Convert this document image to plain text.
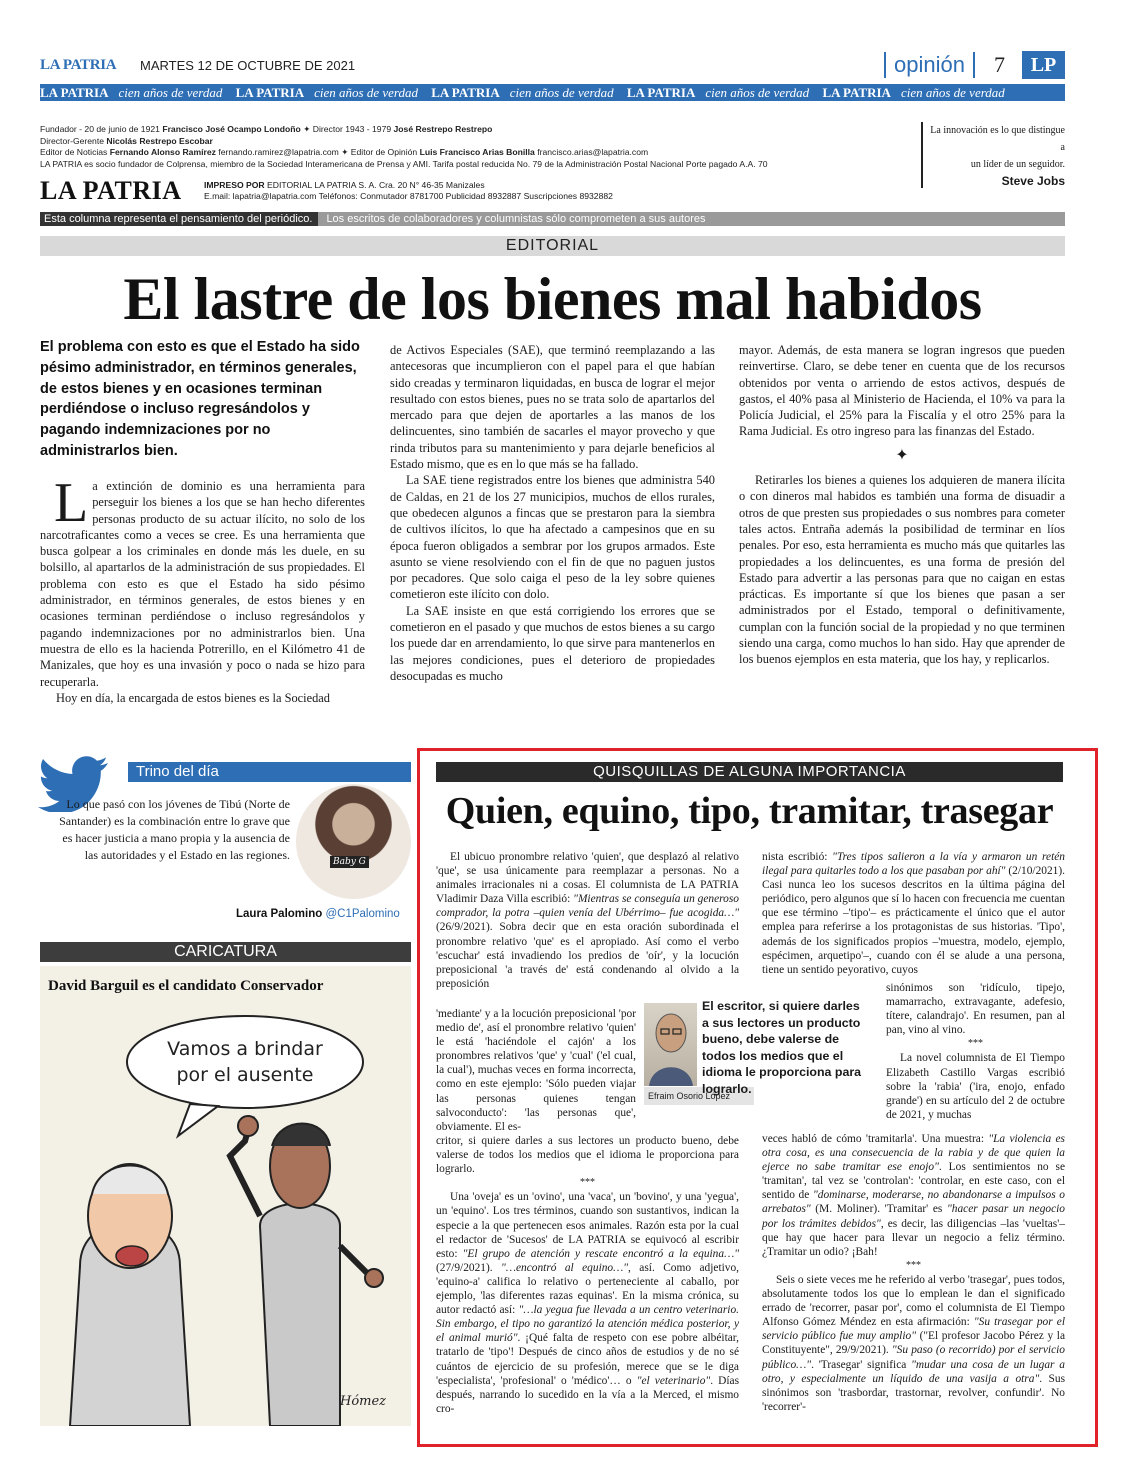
LA PATRIA MARTES 12 DE OCTUBRE DE 2021	opinión	7	LP
LA PATRIA cien años de verdad LA PATRIA cien años de verdad LA PATRIA cien años de verdad LA PATRIA cien años de verdad LA PATRIA cien años de verdad
Fundador - 20 de junio de 1921 Francisco José Ocampo Londoño ✦ Director 1943 - 1979 José Restrepo Restrepo
Director-Gerente Nicolás Restrepo Escobar
Editor de Noticias Fernando Alonso Ramírez fernando.ramirez@lapatria.com ✦ Editor de Opinión Luis Francisco Arias Bonilla francisco.arias@lapatria.com
LA PATRIA es socio fundador de Colprensa, miembro de la Sociedad Interamericana de Prensa y AMI. Tarifa postal reducida No. 79 de la Administración Postal Nacional Porte pagado A.A. 70
La innovación es lo que distingue a
un líder de un seguidor.
Steve Jobs
LA PATRIA	IMPRESO POR EDITORIAL LA PATRIA S. A. Cra. 20 N° 46-35 Manizales
E.mail: lapatria@lapatria.com Teléfonos: Conmutador 8781700 Publicidad 8932887 Suscripciones 8932882
Esta columna representa el pensamiento del periódico. Los escritos de colaboradores y columnistas sólo comprometen a sus autores
EDITORIAL
El lastre de los bienes mal habidos
El problema con esto es que el Estado ha sido pésimo administrador, en términos generales, de estos bienes y en ocasiones terminan perdiéndose o incluso regresándolos y pagando indemnizaciones por no administrarlos bien.

La extinción de dominio es una herramienta para perseguir los bienes a los que se han hecho diferentes personas producto de su actuar ilícito, no solo de los narcotraficantes como a veces se cree. Es una herramienta que busca golpear a los criminales en donde más les duele, en su bolsillo, al apartarlos de la administración de sus propiedades. El problema con esto es que el Estado ha sido pésimo administrador, en términos generales, de estos bienes y en ocasiones terminan perdiéndose o incluso regresándolos y pagando indemnizaciones por no administrarlos bien. Una muestra de ello es la hacienda Potrerillo, en el Kilómetro 41 de Manizales, que hoy es una invasión y poco o nada se hizo para recuperarla.

Hoy en día, la encargada de estos bienes es la Sociedad

de Activos Especiales (SAE), que terminó reemplazando a las antecesoras que incumplieron con el papel para el que habían sido creadas y terminaron liquidadas, en busca de lograr el mejor resultado con estos bienes, pues no se trata solo de apartarlos del mercado para que dejen de aportarles a las manos de los delincuentes, sino también de sacarles el mayor provecho y que rinda tributos para su mantenimiento y para dejarle beneficios al Estado mismo, que es en lo que más se ha fallado.

La SAE tiene registrados entre los bienes que administra 540 de Caldas, en 21 de los 27 municipios, muchos de ellos rurales, que obedecen algunos a fincas que se prestaron para la siembra de cultivos ilícitos, lo que ha afectado a campesinos que en su época fueron obligados a sembrar por los grupos armados. Este asunto se viene resolviendo con el fin de que no paguen justos por pecadores. Que solo caiga el peso de la ley sobre quienes cometieron este ilícito con dolo.

La SAE insiste en que está corrigiendo los errores que se cometieron en el pasado y que muchos de estos bienes a su cargo los puede dar en arrendamiento, lo que sirve para mantenerlos en las mejores condiciones, pues el deterioro de propiedades desocupadas es mucho

mayor. Además, de esta manera se logran ingresos que pueden reinvertirse. Claro, se debe tener en cuenta que de los recursos obtenidos por venta o arriendo de estos activos, después de gastos, el 40% pasa al Ministerio de Hacienda, el 10% va para la Policía Judicial, el 25% para la Fiscalía y el otro 25% para la Rama Judicial. Es otro ingreso para las finanzas del Estado.

✦

Retirarles los bienes a quienes los adquieren de manera ilícita o con dineros mal habidos es también una forma de disuadir a otros de que presten sus propiedades o sus nombres para cometer tales actos. Entraña además la posibilidad de terminar en líos penales. Por eso, esta herramienta es mucho más que quitarles las propiedades a los delincuentes, es una forma de presión del Estado para advertir a las personas para que no caigan en estas prácticas. Es importante sí que los bienes que pasan a ser administrados por el Estado, temporal o definitivamente, cumplan con la función social de la propiedad y no que terminen siendo una carga, como muchos lo han sido. Hay que aprender de los buenos ejemplos en esta materia, que los hay, y replicarlos.

Trino del día
Lo que pasó con los jóvenes de Tibú (Norte de Santander) es la combinación entre lo grave que es hacer justicia a mano propia y la ausencia de las autoridades y el Estado en las regiones.	Baby G
Laura Palomino @C1Palomino
CARICATURA
David Barguil es el candidato Conservador
Vamos a brindar por el ausente
Hómez
QUISQUILLAS DE ALGUNA IMPORTANCIA
Quien, equino, tipo, tramitar, trasegar

El ubicuo pronombre relativo 'quien', que desplazó al relativo 'que', se usa únicamente para reemplazar a personas. No a animales irracionales ni a cosas. El columnista de LA PATRIA Vladimir Daza Villa escribió: "Mientras se conseguía un generoso comprador, la potra –quien venía del Ubérrimo– fue acogida…" (26/9/2021). Sobra decir que en esta oración subordinada el pronombre relativo 'que' es el apropiado. Así como el verbo 'escuchar' está invadiendo los predios de 'oír', y la locución preposicional 'a través de' está condenando al olvido a la preposición

'mediante' y a la locución preposicional 'por medio de', así el pronombre relativo 'quien' le está 'haciéndole el cajón' a los pronombres relativos 'que' y 'cual' ('el cual, la cual'), muchas veces en forma incorrecta, como en este ejemplo: 'Sólo pueden viajar las personas quienes tengan salvoconducto': 'las personas que', obviamente. El es-

critor, si quiere darles a sus lectores un producto bueno, debe valerse de todos los medios que el idioma le proporciona para lograrlo.

***

Una 'oveja' es un 'ovino', una 'vaca', un 'bovino', y una 'yegua', un 'equino'. Los tres términos, cuando son sustantivos, indican la especie a la que pertenecen esos animales. Razón esta por la cual el redactor de 'Sucesos' de LA PATRIA se equivocó al escribir esto: "El grupo de atención y rescate encontró a la equina…" (27/9/2021). "…encontró al equino…", así. Como adjetivo, 'equino-a' califica lo relativo o perteneciente al caballo, por ejemplo, 'las diferentes razas equinas'. En la misma crónica, su autor redactó así: "…la yegua fue llevada a un centro veterinario. Sin embargo, el tipo no garantizó la atención médica posterior, y el animal murió". ¡Qué falta de respeto con ese pobre albéitar, tratarlo de 'tipo'! Después de cinco años de estudios y de no sé cuántos de ejercicio de su profesión, merece que se le diga 'especialista', 'profesional' o 'médico'… o "el veterinario". Días después, narrando lo sucedido en la vía a la Merced, el mismo cro-

Efraim Osorio López
El escritor, si quiere darles a sus lectores un producto bueno, debe valerse de todos los medios que el idioma le proporciona para lograrlo.

nista escribió: "Tres tipos salieron a la vía y armaron un retén ilegal para quitarles todo a los que pasaban por ahí" (2/10/2021). Casi nunca leo los sucesos descritos en la última página del periódico, pero algunos que sí lo hacen con frecuencia me cuentan que ese término –'tipo'– es prácticamente el único que el autor emplea para referirse a los protagonistas de sus historias. 'Tipo', además de los significados propios –'muestra, modelo, ejemplo, espécimen, arquetipo'–, cuando con él se alude a una persona, tiene un sentido peyorativo, cuyos

sinónimos son 'ridículo, tipejo, mamarracho, extravagante, adefesio, títere, calandrajo'. En resumen, pan al pan, vino al vino.

***

La novel columnista de El Tiempo Elizabeth Castillo Vargas escribió sobre la 'rabia' ('ira, enojo, enfado grande') en su artículo del 2 de octubre de 2021, y muchas

veces habló de cómo 'tramitarla'. Una muestra: "La violencia es otra cosa, es una consecuencia de la rabia y de que quien la ejerce no sabe tramitar ese enojo". Los sentimientos no se 'tramitan', tal vez se 'controlan': 'controlar, en este caso, con el sentido de "dominarse, moderarse, no abandonarse a impulsos o arrebatos" (M. Moliner). 'Tramitar' es "hacer pasar un negocio por los trámites debidos", es decir, las diligencias –las 'vueltas'– que hay que hacer para llevar un negocio a feliz término. ¿Tramitar un odio? ¡Bah!

***

Seis o siete veces me he referido al verbo 'trasegar', pues todos, absolutamente todos los que lo emplean le dan el significado errado de 'recorrer, pasar por', como el columnista de El Tiempo Alfonso Gómez Méndez en esta afirmación: "Su trasegar por el servicio público fue muy amplio" ("El profesor Jacobo Pérez y la Constituyente", 29/9/2021). "Su paso (o recorrido) por el servicio público…". 'Trasegar' significa "mudar una cosa de un lugar a otro, y especialmente un líquido de una vasija a otra". Sus sinónimos son 'trasbordar, trastornar, revolver, confundir'. No 'recorrer'-
